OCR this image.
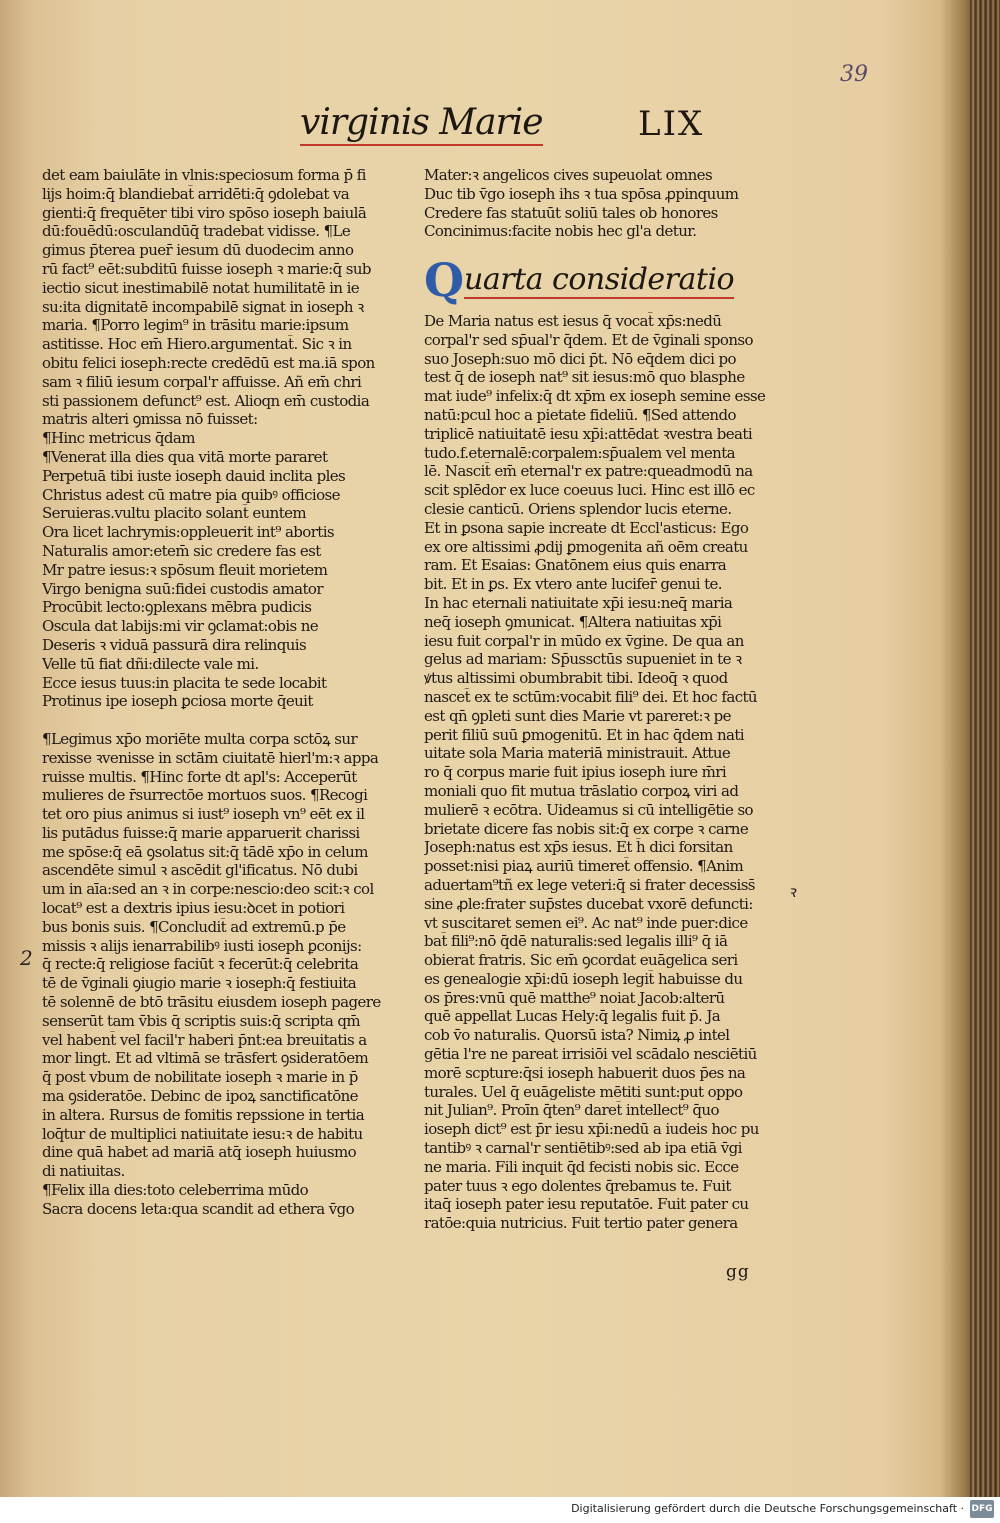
39
virginis Marie	LIX
det eam baiulāte in vlnis:speciosum forma p̄ fi
lijs hoim:q̄ blandiebat̄ arridēti:q̄ ꝯdolebat va
gienti:q̄ frequēter tibi viro spōso ioseph baiulā
dū:fouēdū:osculandūq̄ tradebat vidisse. ¶Le
gimus p̄terea puer̄ iesum dū duodecim anno
rū fact⁹ eēt:subditū fuisse ioseph ꝛ marie:q̄ sub
iectio sicut inestimabilē notat humilitatē in ie
su:ita dignitatē incompabilē signat in ioseph ꝛ
maria. ¶Porro legim⁹ in trāsitu marie:ipsum
astitisse. Hoc em̄ Hiero.argumentat̄. Sic ꝛ in
obitu felici ioseph:recte credēdū est ma.iā spon
sam ꝛ filiū iesum corpal'r affuisse. Añ em̄ chri
sti passionem defunct⁹ est. Alioqn em̄ custodia
matris alteri ꝯmissa nō fuisset:
¶Hinc metricus q̄dam
¶Venerat illa dies qua vitā morte pararet
Perpetuā tibi iuste ioseph dauid inclita ples
Christus adest cū matre pia quibꝰ officiose
Seruieras.vultu placito solant̄ euntem
Ora licet lachrymis:oppleuerit int⁹ abortis
Naturalis amor:etem̄ sic credere fas est
Mr patre iesus:ꝛ spōsum fleuit morietem
Virgo benigna suū:fidei custodis amator
Procūbit lecto:ꝯplexans mēbra pudicis
Oscula dat labijs:mi vir ꝯclamat:obis ne
Deseris ꝛ viduā passurā dira relinquis
Velle tū fiat dñi:dilecte vale mi.
Ecce iesus tuus:in placita te sede locabit
Protinus ipe ioseph ꝑciosa morte q̄euit
¶Legimus xp̄o moriēte multa corpa sctōꝝ sur
rexisse ꝛvenisse in sctām ciuitatē hierl'm:ꝛ appa
ruisse multis. ¶Hinc forte dt apl's: Acceperūt
mulieres de r̄surrectōe mortuos suos. ¶Recogi
tet oro pius animus si iust⁹ ioseph vn⁹ eēt ex il
lis putādus fuisse:q̄ marie apparuerit charissi
me spōse:q̄ eā ꝯsolatus sit:q̄ tādē xp̄o in celum
ascendēte simul ꝛ ascēdit gl'ificatus. Nō dubi
um in aīa:sed an ꝛ in corpe:nescio:deo scit:ꝛ col
locat⁹ est a dextris ipius iesu:ꝺcet in potiori
bus bonis suis. ¶Concludit̄ ad extremū.p p̄e
missis ꝛ alijs ienarrabilibꝰ iusti ioseph ꝑconijs:
q̄ recte:q̄ religiose faciūt ꝛ fecerūt:q̄ celebrita
tē de v̄ginali ꝯiugio marie ꝛ ioseph:q̄ festiuita
tē solennē de btō trāsitu eiusdem ioseph pagere
senserūt tam v̄bis q̄ scriptis suis:q̄ scripta qm̄
vel habent̄ vel facil'r haberi p̄nt:ea breuitatis a
mor lingt. Et ad vltimā se trāsfert ꝯsideratōem
q̄ post vbum de nobilitate ioseph ꝛ marie in p̄
ma ꝯsideratōe. Debinc de ipoꝝ sanctificatōne
in altera. Rursus de fomitis repssione in tertia
loq̄tur de multiplici natiuitate iesu:ꝛ de habitu
dine quā habet ad mariā atq̄ ioseph huiusmo
di natiuitas.
¶Felix illa dies:toto celeberrima mūdo
Sacra docens leta:qua scandit ad ethera v̄go
Mater:ꝛ angelicos cives supeuolat omnes
Duc tib v̄go ioseph ihs ꝛ tua spōsa ꝓpinquum
Credere fas statuūt soliū tales ob honores
Concinimus:facite nobis hec gl'a detur.
Q uarta consideratio
De Maria natus est iesus q̄ vocat̄ xp̄s:nedū
corpal'r sed sp̄ual'r q̄dem. Et de v̄ginali sponso
suo Joseph:suo mō dici p̄t. Nō eq̄dem dici po
test q̄ de ioseph nat⁹ sit iesus:mō quo blasphe
mat iude⁹ infelix:q̄ dt xp̄m ex ioseph semine esse
natū:pcul hoc a pietate fideliū. ¶Sed attendo
triplicē natiuitatē iesu xp̄i:attēdat ꝛvestra beati
tudo.f.eternalē:corpalem:sp̄ualem vel menta
lē. Nascit̄ em̄ eternal'r ex patre:queadmodū na
scit splēdor ex luce coeuus luci. Hinc est illō ec
clesie canticū. Oriens splendor lucis eterne.
Et in ꝑsona sapie increate dt Eccl'asticus: Ego
ex ore altissimi ꝓdij ꝑmogenita añ oēm creatu
ram. Et Esaias: Gnatōnem eius quis enarra
bit. Et in ꝑs. Ex vtero ante lucifer̄ genui te.
In hac eternali natiuitate xp̄i iesu:neq̄ maria
neq̄ ioseph ꝯmunicat. ¶Altera natiuitas xp̄i
iesu fuit corpal'r in mūdo ex v̄gine. De qua an
gelus ad mariam: Sp̄ussctūs supueniet in te ꝛ
ꝟtus altissimi obumbrabit tibi. Ideoq̄ ꝛ quod
nascet̄ ex te sctūm:vocabit fili⁹ dei. Et hoc factū
est qn̄ ꝯpleti sunt dies Marie vt pareret:ꝛ pe
perit filiū suū ꝑmogenitū. Et in hac q̄dem nati
uitate sola Maria materiā ministrauit. Attue
ro q̄ corpus marie fuit ipius ioseph iure m̄ri
moniali quo fit mutua trāslatio corpoꝝ viri ad
mulierē ꝛ ecōtra. Uideamus si cū intelligētie so
brietate dicere fas nobis sit:q̄ ex corpe ꝛ carne
Joseph:natus est xp̄s iesus. Et h̄ dici forsitan
posset:nisi piaꝝ auriū timeret̄ offensio. ¶Anim
aduertam⁹tñ ex lege veteri:q̄ si frater decessiss̄
sine ꝓle:frater sup̄stes ducebat vxorē defuncti:
vt suscitaret semen ei⁹. Ac nat⁹ inde puer:dice
bat̄ fili⁹:nō q̄dē naturalis:sed legalis illi⁹ q̄ iā
obierat fratris. Sic em̄ ꝯcordat euāgelica seri
es genealogie xp̄i:dū ioseph legit̄ habuisse du
os p̄res:vnū quē matthe⁹ noiat Jacob:alterū
quē appellat Lucas Hely:q̄ legalis fuit p̄. Ja
cob v̄o naturalis. Quorsū ista? Nimiꝝ ꝓ intel
gētia l're ne pareat irrisiōi vel scādalo nesciētiū
morē scpture:q̄si ioseph habuerit duos p̄es na
turales. Uel q̄ euāgeliste mētiti sunt:put oppo
nit Julian⁹. Proīn q̄ten⁹ daret̄ intellect⁹ q̄uo
ioseph dict⁹ est p̄r iesu xp̄i:nedū a iudeis hoc pu
tantibꝰ ꝛ carnal'r sentiētibꝰ:sed ab ipa etiā v̄gi
ne maria. Fili inquit q̄d fecisti nobis sic. Ecce
pater tuus ꝛ ego dolentes q̄rebamus te. Fuit
itaq̄ ioseph pater iesu reputatōe. Fuit pater cu
ratōe:quia nutricius. Fuit tertio pater genera
2
ꝛ
gg
Digitalisierung gefördert durch die Deutsche Forschungsgemeinschaft · DFG
